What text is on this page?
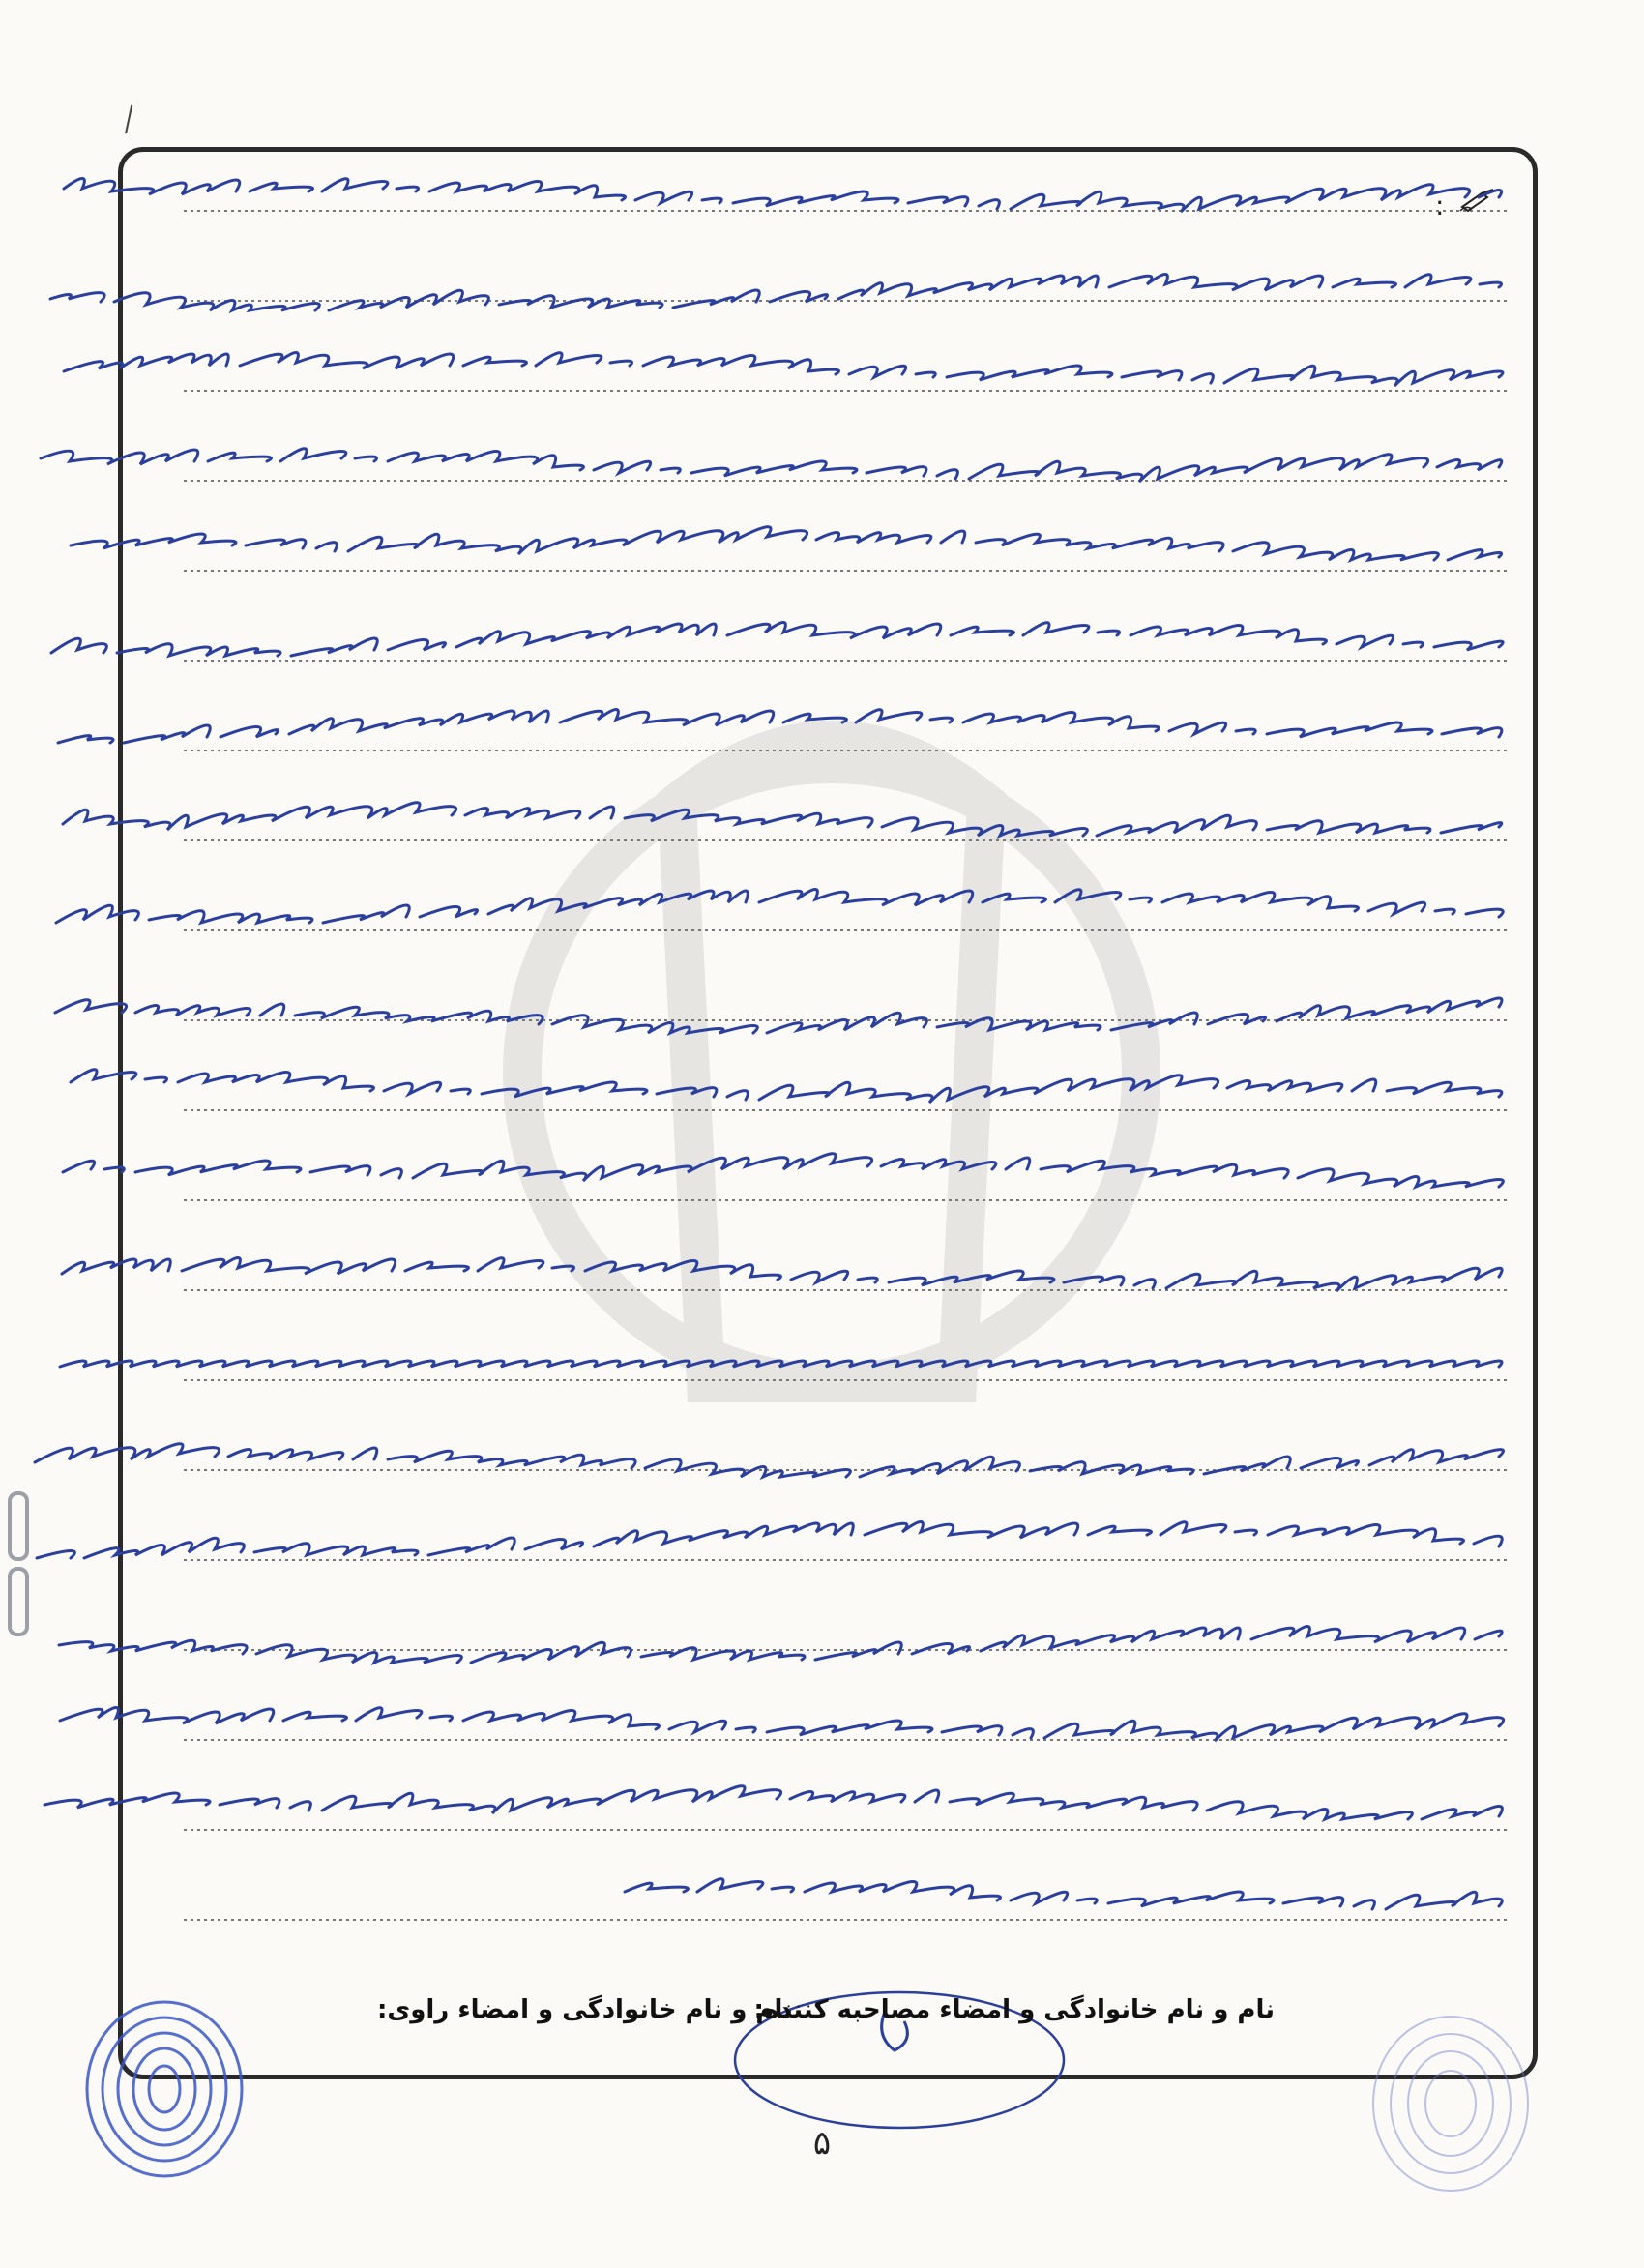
:
نام و نام خانوادگی و امضاء مصاحبه کننده:
نام و نام خانوادگی و امضاء راوی:
۵
